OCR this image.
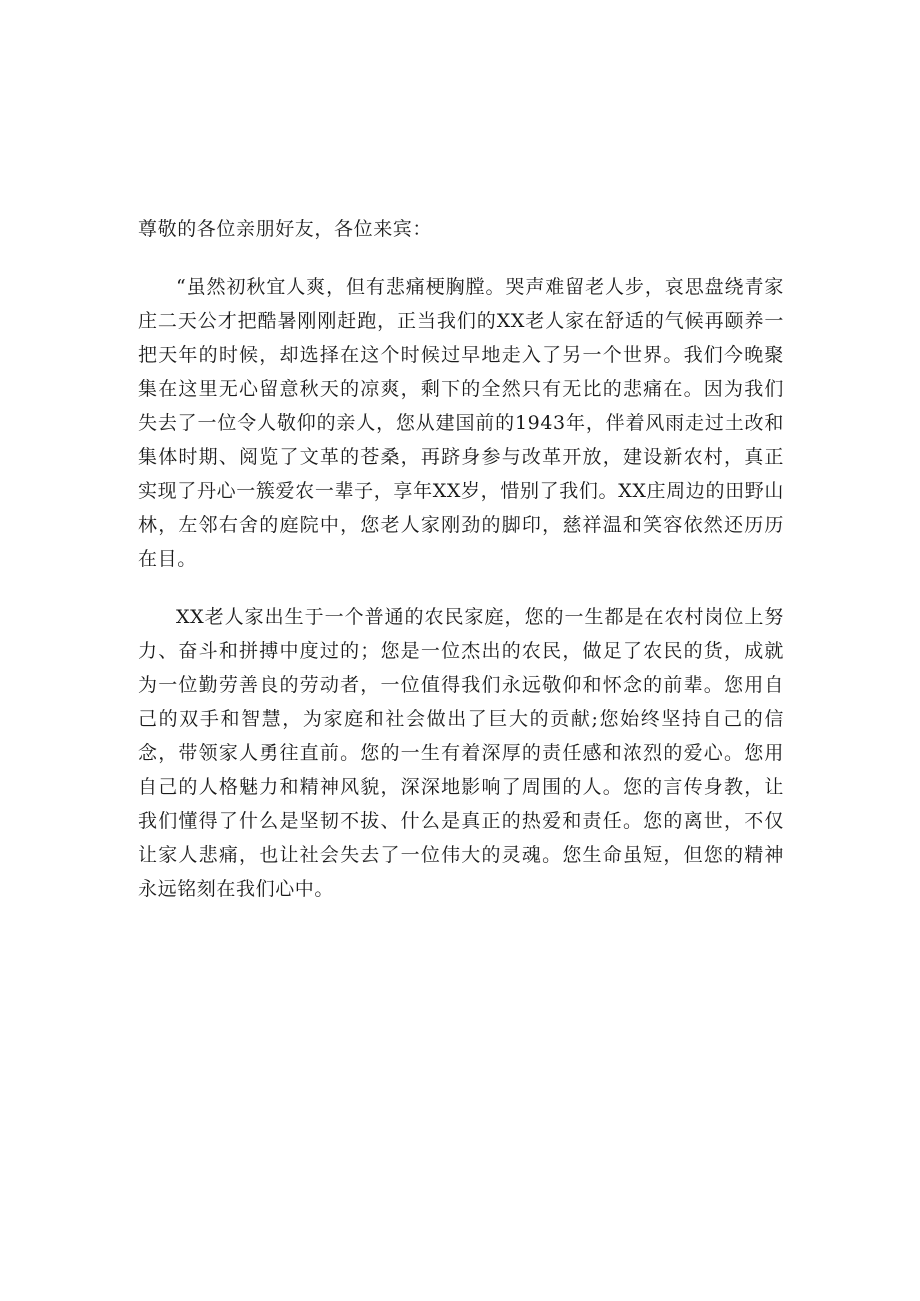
尊敬的各位亲朋好友，各位来宾：

“虽然初秋宜人爽，但有悲痛梗胸膛。哭声难留老人步，哀思盘绕青家庄二天公才把酷暑刚刚赶跑，正当我们的XX老人家在舒适的气候再颐养一把天年的时候，却选择在这个时候过早地走入了另一个世界。我们今晚聚集在这里无心留意秋天的凉爽，剩下的全然只有无比的悲痛在。因为我们失去了一位令人敬仰的亲人，您从建国前的1943年，伴着风雨走过土改和集体时期、阅览了文革的苍桑，再跻身参与改革开放，建设新农村，真正实现了丹心一簇爱农一辈子，享年XX岁，惜别了我们。XX庄周边的田野山林，左邻右舍的庭院中，您老人家刚劲的脚印，慈祥温和笑容依然还历历在目。

XX老人家出生于一个普通的农民家庭，您的一生都是在农村岗位上努力、奋斗和拼搏中度过的；您是一位杰出的农民，做足了农民的货，成就为一位勤劳善良的劳动者，一位值得我们永远敬仰和怀念的前辈。您用自己的双手和智慧，为家庭和社会做出了巨大的贡献;您始终坚持自己的信念，带领家人勇往直前。您的一生有着深厚的责任感和浓烈的爱心。您用自己的人格魅力和精神风貌，深深地影响了周围的人。您的言传身教，让我们懂得了什么是坚韧不拔、什么是真正的热爱和责任。您的离世，不仅让家人悲痛，也让社会失去了一位伟大的灵魂。您生命虽短，但您的精神永远铭刻在我们心中。
